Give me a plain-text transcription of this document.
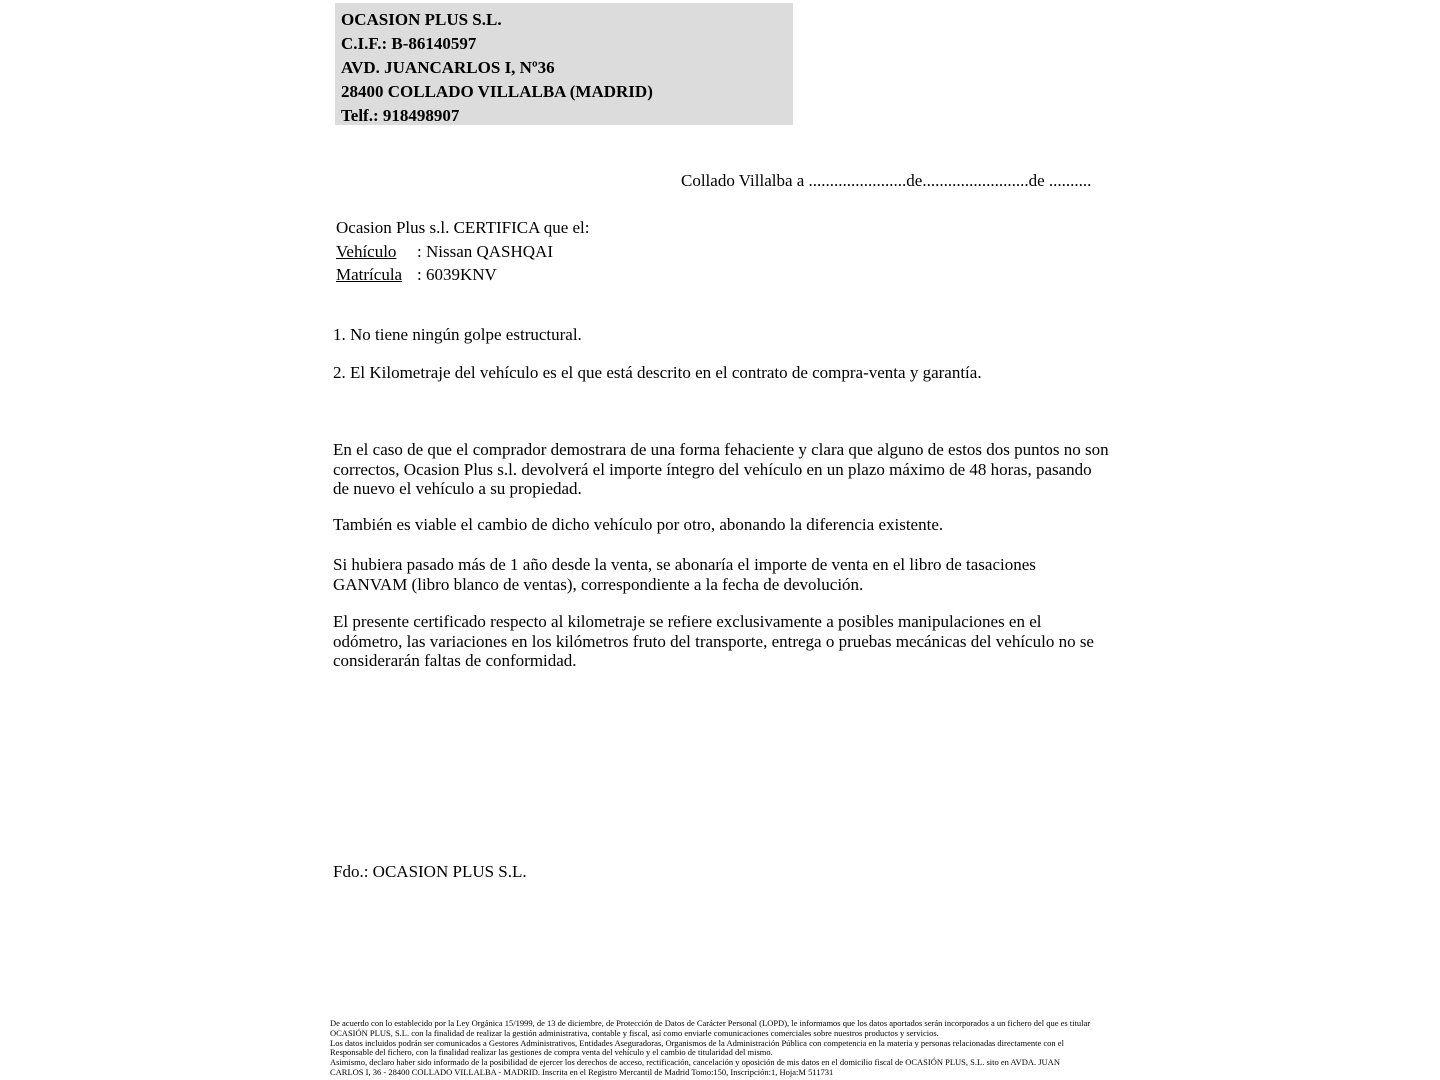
OCASION PLUS S.L.
C.I.F.: B-86140597
AVD. JUANCARLOS I, Nº36
28400 COLLADO VILLALBA (MADRID)
Telf.: 918498907
Collado Villalba a .......................de.........................de ..........
Ocasion Plus s.l. CERTIFICA que el:
Vehículo : Nissan QASHQAI
Matrícula : 6039KNV
1. No tiene ningún golpe estructural.
2. El Kilometraje del vehículo es el que está descrito en el contrato de compra-venta y garantía.
En el caso de que el comprador demostrara de una forma fehaciente y clara que alguno de estos dos puntos no son correctos, Ocasion Plus s.l. devolverá el importe íntegro del vehículo en un plazo máximo de 48 horas, pasando de nuevo el vehículo a su propiedad.
También es viable el cambio de dicho vehículo por otro, abonando la diferencia existente.
Si hubiera pasado más de 1 año desde la venta, se abonaría el importe de venta en el libro de tasaciones GANVAM (libro blanco de ventas), correspondiente a la fecha de devolución.
El presente certificado respecto al kilometraje se refiere exclusivamente a posibles manipulaciones en el odómetro, las variaciones en los kilómetros fruto del transporte, entrega o pruebas mecánicas del vehículo no se considerarán faltas de conformidad.
Fdo.: OCASION PLUS S.L.
De acuerdo con lo establecido por la Ley Orgánica 15/1999, de 13 de diciembre, de Protección de Datos de Carácter Personal (LOPD), le informamos que los datos aportados serán incorporados a un fichero del que es titular
OCASIÓN PLUS, S.L. con la finalidad de realizar la gestión administrativa, contable y fiscal, así como enviarle comunicaciones comerciales sobre nuestros productos y servicios.
Los datos incluidos podrán ser comunicados a Gestores Administrativos, Entidades Aseguradoras, Organismos de la Administración Pública con competencia en la materia y personas relacionadas directamente con el
Responsable del fichero, con la finalidad realizar las gestiones de compra venta del vehículo y el cambio de titularidad del mismo.
Asimismo, declaro haber sido informado de la posibilidad de ejercer los derechos de acceso, rectificación, cancelación y oposición de mis datos en el domicilio fiscal de OCASIÓN PLUS, S.L. sito en AVDA. JUAN
CARLOS I, 36 - 28400 COLLADO VILLALBA - MADRID. Inscrita en el Registro Mercantil de Madrid Tomo:150, Inscripción:1, Hoja:M 511731
